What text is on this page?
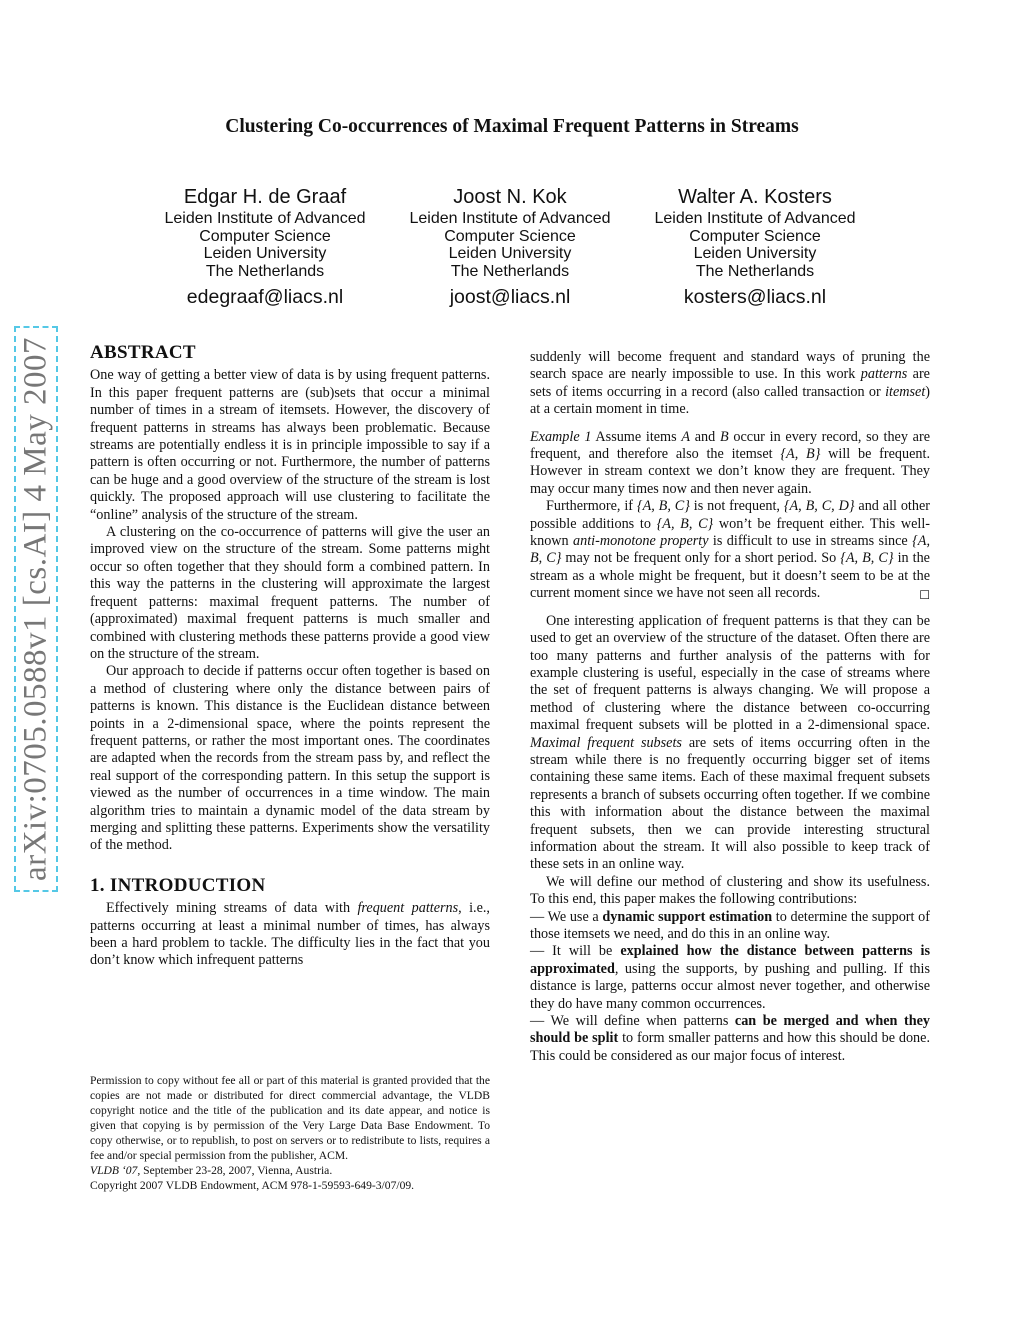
arXiv:0705.0588v1 [cs.AI] 4 May 2007
Clustering Co-occurrences of Maximal Frequent Patterns in Streams
Edgar H. de Graaf
Leiden Institute of Advanced
Computer Science
Leiden University
The Netherlands
edegraaf@liacs.nl
Joost N. Kok
Leiden Institute of Advanced
Computer Science
Leiden University
The Netherlands
joost@liacs.nl
Walter A. Kosters
Leiden Institute of Advanced
Computer Science
Leiden University
The Netherlands
kosters@liacs.nl
ABSTRACT

One way of getting a better view of data is by using frequent patterns. In this paper frequent patterns are (sub)sets that occur a minimal number of times in a stream of itemsets. However, the discovery of frequent patterns in streams has always been problematic. Because streams are potentially endless it is in principle impossible to say if a pattern is often occurring or not. Furthermore, the number of patterns can be huge and a good overview of the structure of the stream is lost quickly. The proposed approach will use clustering to facilitate the “online” analysis of the structure of the stream.

A clustering on the co-occurrence of patterns will give the user an improved view on the structure of the stream. Some patterns might occur so often together that they should form a combined pattern. In this way the patterns in the clustering will approximate the largest frequent patterns: maximal frequent patterns. The number of (approximated) maximal frequent patterns is much smaller and combined with clustering methods these patterns provide a good view on the structure of the stream.

Our approach to decide if patterns occur often together is based on a method of clustering where only the distance between pairs of patterns is known. This distance is the Euclidean distance between points in a 2-dimensional space, where the points represent the frequent patterns, or rather the most important ones. The coordinates are adapted when the records from the stream pass by, and reflect the real support of the corresponding pattern. In this setup the support is viewed as the number of occurrences in a time window. The main algorithm tries to maintain a dynamic model of the data stream by merging and splitting these patterns. Experiments show the versatility of the method.

1. INTRODUCTION

Effectively mining streams of data with frequent patterns, i.e., patterns occurring at least a minimal number of times, has always been a hard problem to tackle. The difficulty lies in the fact that you don’t know which infrequent patterns

Permission to copy without fee all or part of this material is granted provided that the copies are not made or distributed for direct commercial advantage, the VLDB copyright notice and the title of the publication and its date appear, and notice is given that copying is by permission of the Very Large Data Base Endowment. To copy otherwise, or to republish, to post on servers or to redistribute to lists, requires a fee and/or special permission from the publisher, ACM.

VLDB ‘07, September 23-28, 2007, Vienna, Austria.

Copyright 2007 VLDB Endowment, ACM 978-1-59593-649-3/07/09.

suddenly will become frequent and standard ways of pruning the search space are nearly impossible to use. In this work patterns are sets of items occurring in a record (also called transaction or itemset) at a certain moment in time.

Example 1 Assume items A and B occur in every record, so they are frequent, and therefore also the itemset {A, B} will be frequent. However in stream context we don’t know they are frequent. They may occur many times now and then never again.

Furthermore, if {A, B, C} is not frequent, {A, B, C, D} and all other possible additions to {A, B, C} won’t be frequent either. This well-known anti-monotone property is difficult to use in streams since {A, B, C} may not be frequent only for a short period. So {A, B, C} in the stream as a whole might be frequent, but it doesn’t seem to be at the current moment since we have not seen all records.	☐

One interesting application of frequent patterns is that they can be used to get an overview of the structure of the dataset. Often there are too many patterns and further analysis of the patterns with for example clustering is useful, especially in the case of streams where the set of frequent patterns is always changing. We will propose a method of clustering where the distance between co-occurring maximal frequent subsets will be plotted in a 2-dimensional space. Maximal frequent subsets are sets of items occurring often in the stream while there is no frequently occurring bigger set of items containing these same items. Each of these maximal frequent subsets represents a branch of subsets occurring often together. If we combine this with information about the distance between the maximal frequent subsets, then we can provide interesting structural information about the stream. It will also possible to keep track of these sets in an online way.

We will define our method of clustering and show its usefulness. To this end, this paper makes the following contributions:

— We use a dynamic support estimation to determine the support of those itemsets we need, and do this in an online way.

— It will be explained how the distance between patterns is approximated, using the supports, by pushing and pulling. If this distance is large, patterns occur almost never together, and otherwise they do have many common occurrences.

— We will define when patterns can be merged and when they should be split to form smaller patterns and how this should be done. This could be considered as our major focus of interest.
